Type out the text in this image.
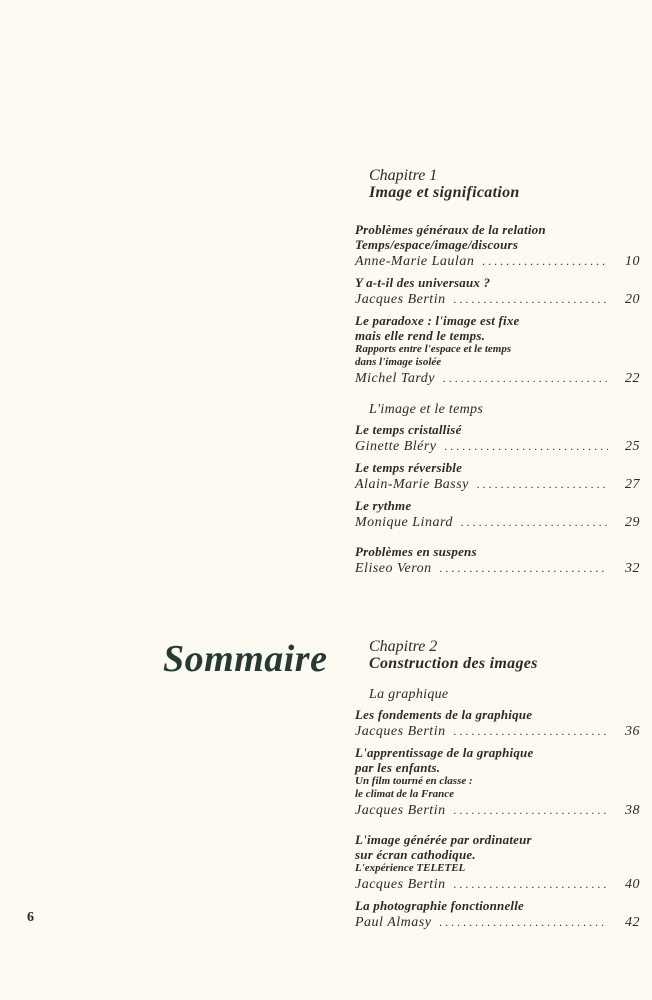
Sommaire
6
Chapitre 1
Image et signification
Problèmes généraux de la relation
Temps/espace/image/discours
Anne-Marie Laulan .....	10
Y a-t-il des universaux ?
Jacques Bertin .....	20
Le paradoxe : l'image est fixe
mais elle rend le temps.
Rapports entre l'espace et le temps
dans l'image isolée
Michel Tardy .....	22
L'image et le temps
Le temps cristallisé
Ginette Bléry .....	25
Le temps réversible
Alain-Marie Bassy .....	27
Le rythme
Monique Linard .....	29
Problèmes en suspens
Eliseo Veron .....	32
Chapitre 2
Construction des images
La graphique
Les fondements de la graphique
Jacques Bertin .....	36
L'apprentissage de la graphique
par les enfants.
Un film tourné en classe :
le climat de la France
Jacques Bertin .....	38
L'image générée par ordinateur
sur écran cathodique.
L'expérience TELETEL
Jacques Bertin .....	40
La photographie fonctionnelle
Paul Almasy .....	42
